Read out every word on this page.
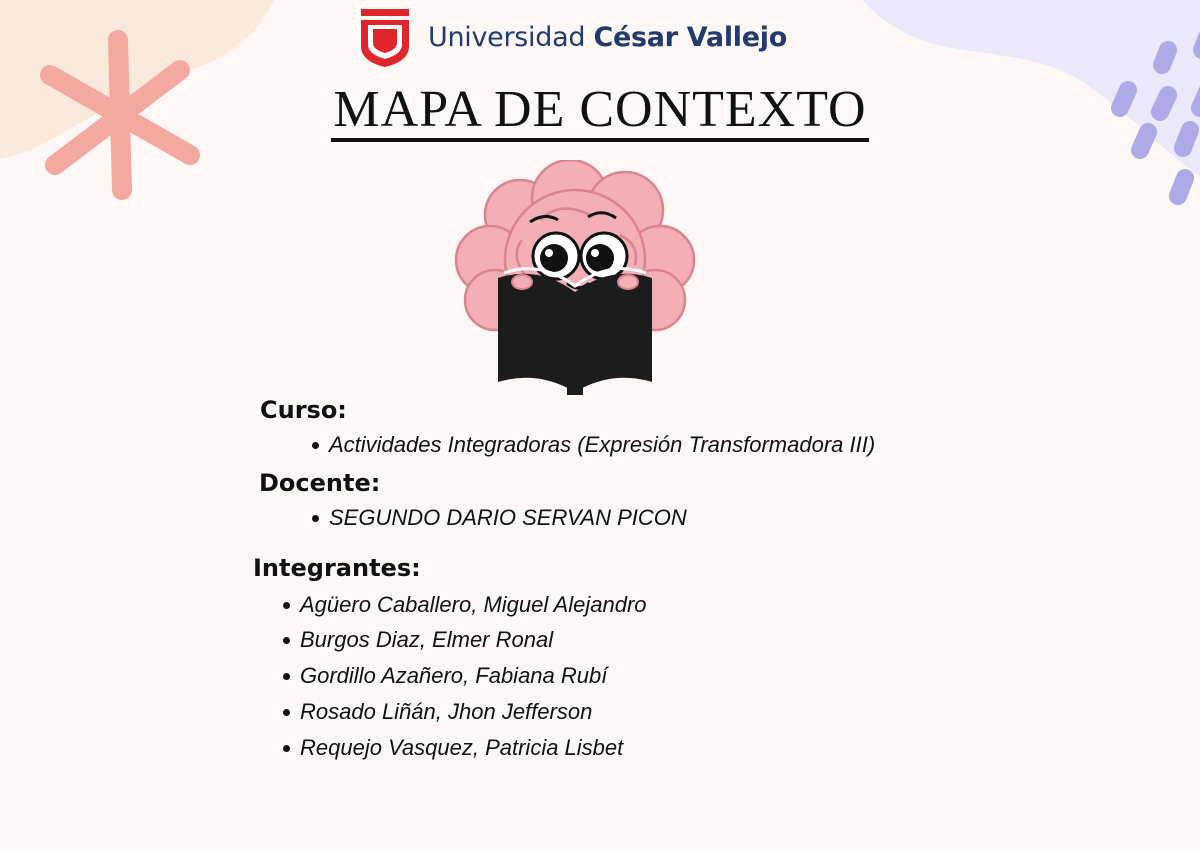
Universidad César Vallejo
MAPA DE CONTEXTO
Curso:
Actividades Integradoras (Expresión Transformadora III)
Docente:
SEGUNDO DARIO SERVAN PICON
Integrantes:
Agüero Caballero, Miguel Alejandro
Burgos Diaz, Elmer Ronal
Gordillo Azañero, Fabiana Rubí
Rosado Liñán, Jhon Jefferson
Requejo Vasquez, Patricia Lisbet
